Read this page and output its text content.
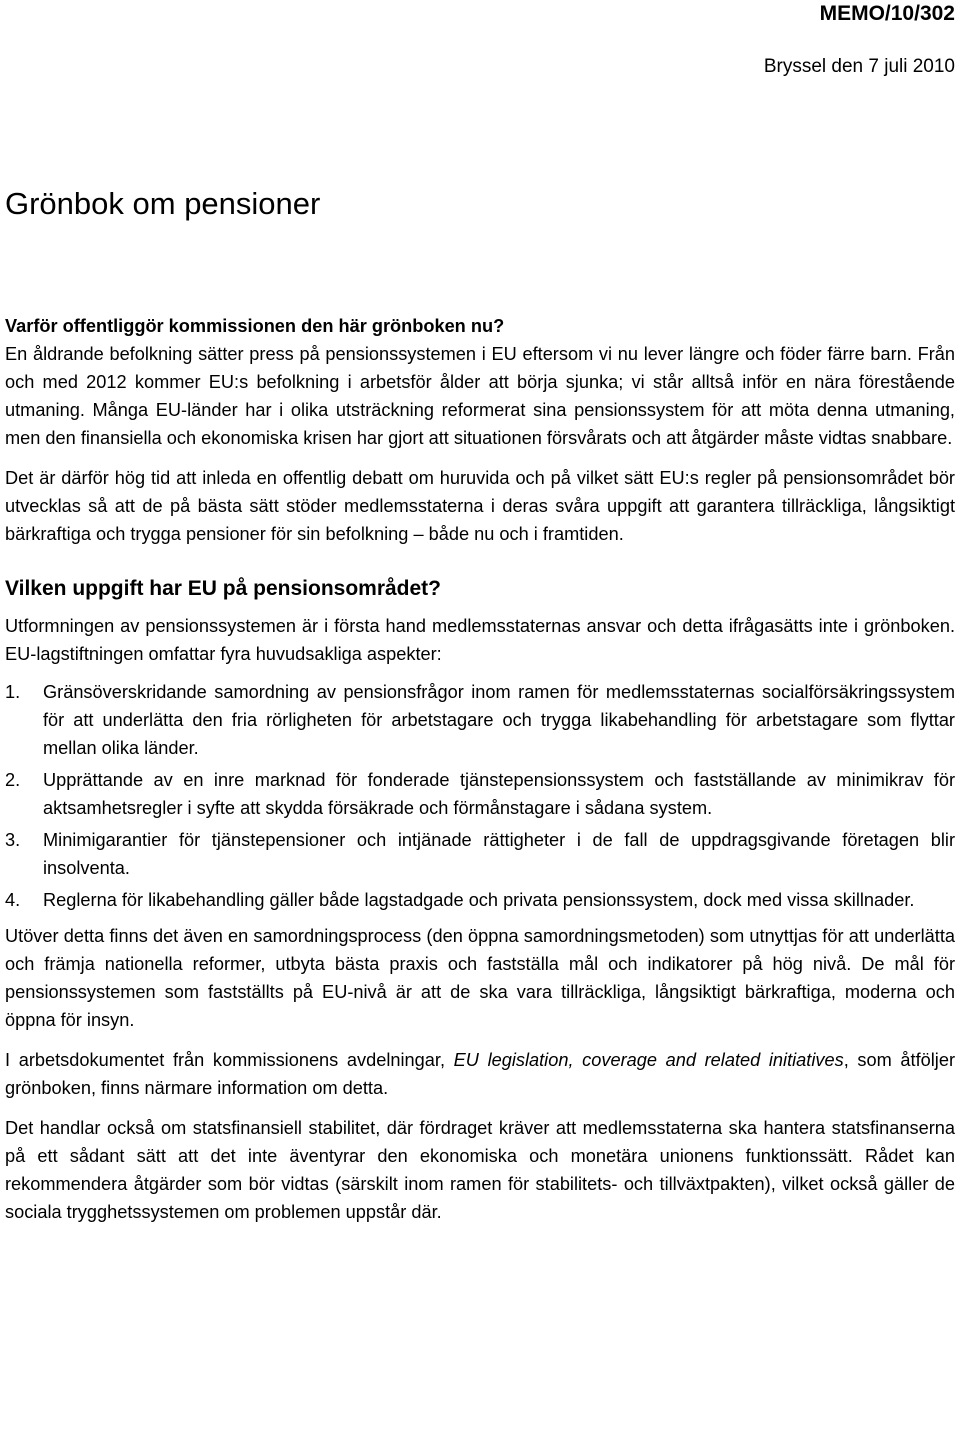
MEMO/10/302
Bryssel den 7 juli 2010
Grönbok om pensioner

Varför offentliggör kommissionen den här grönboken nu?

En åldrande befolkning sätter press på pensionssystemen i EU eftersom vi nu lever längre och föder färre barn. Från och med 2012 kommer EU:s befolkning i arbetsför ålder att börja sjunka; vi står alltså inför en nära förestående utmaning. Många EU-länder har i olika utsträckning reformerat sina pensionssystem för att möta denna utmaning, men den finansiella och ekonomiska krisen har gjort att situationen försvårats och att åtgärder måste vidtas snabbare.

Det är därför hög tid att inleda en offentlig debatt om huruvida och på vilket sätt EU:s regler på pensionsområdet bör utvecklas så att de på bästa sätt stöder medlemsstaterna i deras svåra uppgift att garantera tillräckliga, långsiktigt bärkraftiga och trygga pensioner för sin befolkning – både nu och i framtiden.

Vilken uppgift har EU på pensionsområdet?

Utformningen av pensionssystemen är i första hand medlemsstaternas ansvar och detta ifrågasätts inte i grönboken. EU-lagstiftningen omfattar fyra huvudsakliga aspekter:

1. Gränsöverskridande samordning av pensionsfrågor inom ramen för medlemsstaternas socialförsäkringssystem för att underlätta den fria rörligheten för arbetstagare och trygga likabehandling för arbetstagare som flyttar mellan olika länder.
2. Upprättande av en inre marknad för fonderade tjänstepensionssystem och fastställande av minimikrav för aktsamhetsregler i syfte att skydda försäkrade och förmånstagare i sådana system.
3. Minimigarantier för tjänstepensioner och intjänade rättigheter i de fall de uppdragsgivande företagen blir insolventa.
4. Reglerna för likabehandling gäller både lagstadgade och privata pensionssystem, dock med vissa skillnader.

Utöver detta finns det även en samordningsprocess (den öppna samordningsmetoden) som utnyttjas för att underlätta och främja nationella reformer, utbyta bästa praxis och fastställa mål och indikatorer på hög nivå. De mål för pensionssystemen som fastställts på EU-nivå är att de ska vara tillräckliga, långsiktigt bärkraftiga, moderna och öppna för insyn.

I arbetsdokumentet från kommissionens avdelningar, EU legislation, coverage and related initiatives, som åtföljer grönboken, finns närmare information om detta.

Det handlar också om statsfinansiell stabilitet, där fördraget kräver att medlemsstaterna ska hantera statsfinanserna på ett sådant sätt att det inte äventyrar den ekonomiska och monetära unionens funktionssätt. Rådet kan rekommendera åtgärder som bör vidtas (särskilt inom ramen för stabilitets- och tillväxtpakten), vilket också gäller de sociala trygghetssystemen om problemen uppstår där.
